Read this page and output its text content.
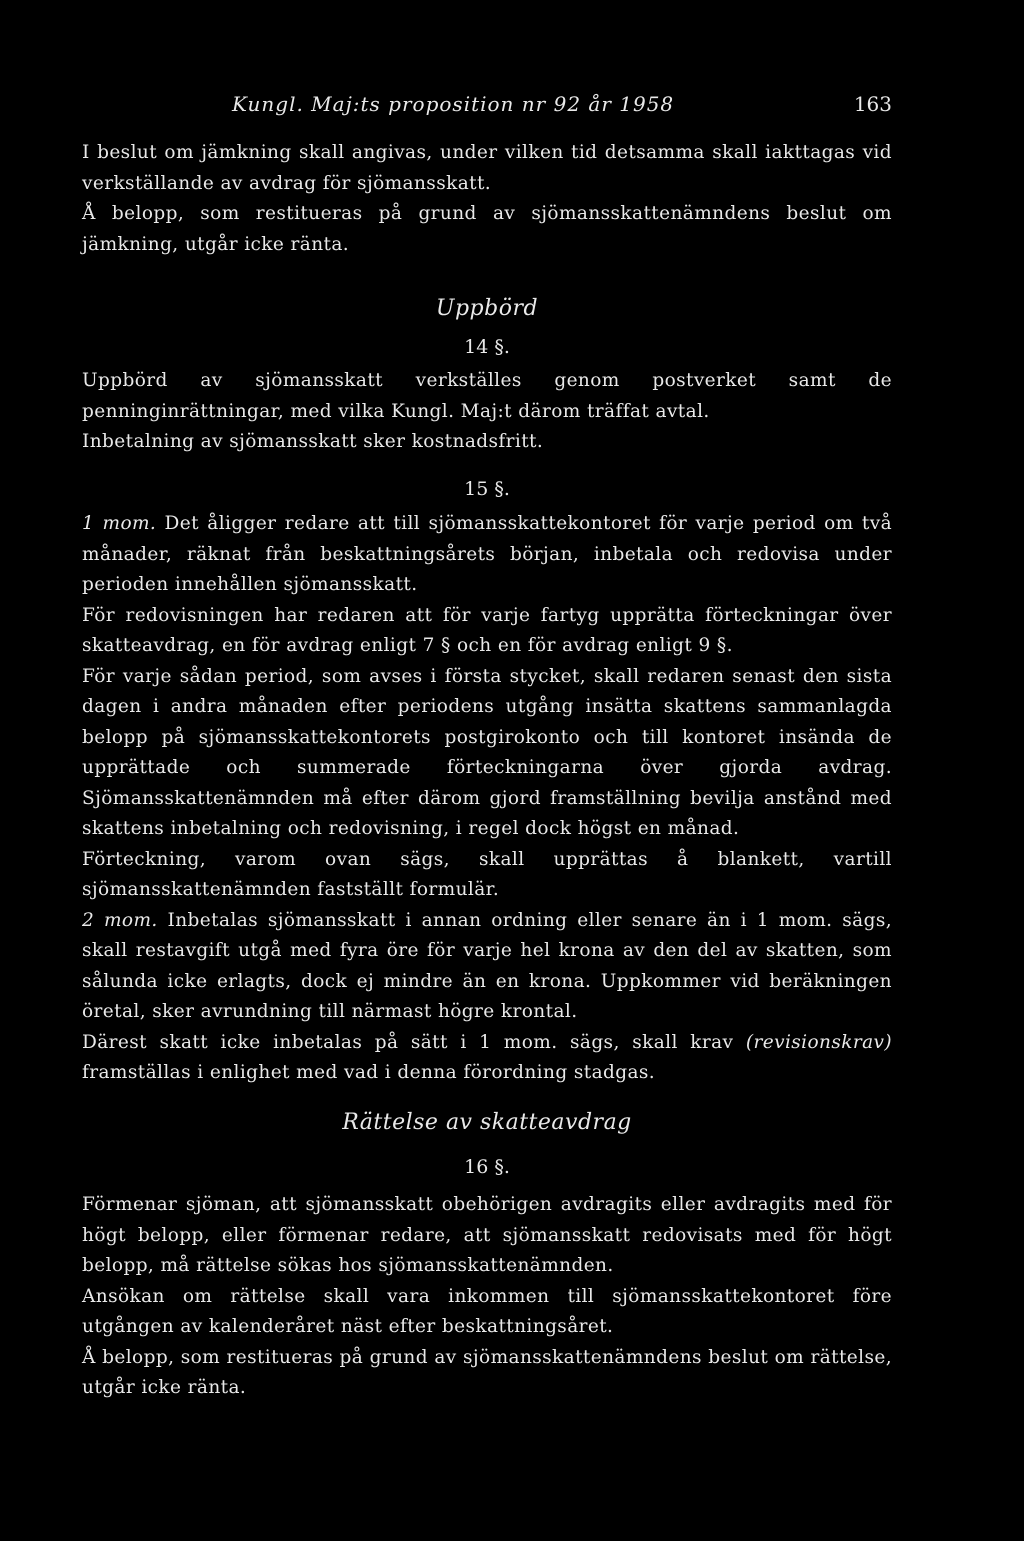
Kungl. Maj:ts proposition nr 92 år 1958	163

I beslut om jämkning skall angivas, under vilken tid detsamma skall iakttagas vid verkställande av avdrag för sjömansskatt.

Å belopp, som restitueras på grund av sjömansskattenämndens beslut om jämkning, utgår icke ränta.

Uppbörd
14 §.

Uppbörd av sjömansskatt verkställes genom postverket samt de penninginrättningar, med vilka Kungl. Maj:t därom träffat avtal.

Inbetalning av sjömansskatt sker kostnadsfritt.

15 §.

1 mom. Det åligger redare att till sjömansskattekontoret för varje period om två månader, räknat från beskattningsårets början, inbetala och redovisa under perioden innehållen sjömansskatt.

För redovisningen har redaren att för varje fartyg upprätta förteckningar över skatteavdrag, en för avdrag enligt 7 § och en för avdrag enligt 9 §.

För varje sådan period, som avses i första stycket, skall redaren senast den sista dagen i andra månaden efter periodens utgång insätta skattens sammanlagda belopp på sjömansskattekontorets postgirokonto och till kontoret insända de upprättade och summerade förteckningarna över gjorda avdrag. Sjömansskattenämnden må efter därom gjord framställning bevilja anstånd med skattens inbetalning och redovisning, i regel dock högst en månad.

Förteckning, varom ovan sägs, skall upprättas å blankett, vartill sjömansskattenämnden fastställt formulär.

2 mom. Inbetalas sjömansskatt i annan ordning eller senare än i 1 mom. sägs, skall restavgift utgå med fyra öre för varje hel krona av den del av skatten, som sålunda icke erlagts, dock ej mindre än en krona. Uppkommer vid beräkningen öretal, sker avrundning till närmast högre krontal.

Därest skatt icke inbetalas på sätt i 1 mom. sägs, skall krav (revisionskrav) framställas i enlighet med vad i denna förordning stadgas.

Rättelse av skatteavdrag
16 §.

Förmenar sjöman, att sjömansskatt obehörigen avdragits eller avdragits med för högt belopp, eller förmenar redare, att sjömansskatt redovisats med för högt belopp, må rättelse sökas hos sjömansskattenämnden.

Ansökan om rättelse skall vara inkommen till sjömansskattekontoret före utgången av kalenderåret näst efter beskattningsåret.

Å belopp, som restitueras på grund av sjömansskattenämndens beslut om rättelse, utgår icke ränta.
